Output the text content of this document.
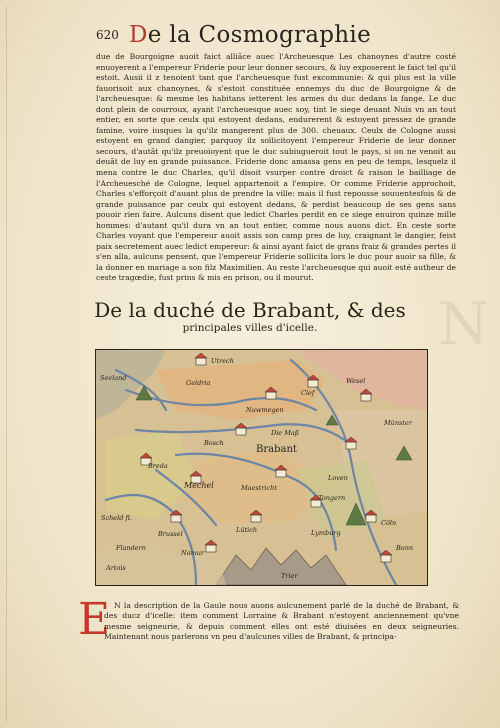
620 De la Cosmographie

due de Bourgoigne auoit faict alliãce auec l'Archeuesque Les chanoynes d'autre costé enuoyerent a l'empereur Friderie pour leur donner secours, & luy exposerent le faict tel qu'il estoit. Ausii il z tenoient tant que l'archeuesque fust excommunie: & qui plus est la ville fauorisoit aux chanoynes, & s'estoit constituée ennemys du duc de Bourgoigne & de l'archeuesque: & mesme les habitans ietterent les armes du duc dedans la fange. Le duc dont plein de courroux, ayant l'archeuesque auec soy, tint le siege deuant Nuis vn an tout entier, en sorte que ceulx qui estoyent dedans, endurerent & estoyent pressez de grande famine, voire iusques la qu'ilz mangerent plus de 300. cheuaux. Ceulx de Cologne aussi estoyent en grand dangier, parquoy ilz sollicitoyent l'empereur Friderie de leur donner secours, d'autãt qu'ilz preuoioyent que le duc subiugueroit tout le pays, si on ne venoit au deuãt de luy en grande puissance. Friderie donc amassa gens en peu de temps, lesquelz il mena contre le duc Charles, qu'il disoit vsurper contre droict & raison le bailliage de l'Archeuesché de Cologne, lequel appartenoit a l'empire. Or comme Friderie approchoit, Charles s'efforçoit d'auant plus de prendre la ville: mais il fust repousse souuentesfois & de grande puissance par ceulx qui estoyent dedans, & perdist beaucoup de ses gens sans pouoir rien faire. Aulcuns disent que ledict Charles perdit en ce siege enuiron quinze mille hommes: d'autant qu'il dura vn an tout entier, comme nous auons dict. En ceste sorte Charles voyant que l'empereur auoit assis son camp pres de luy, craignant le dangier, feist paix secretement auec ledict empereur: & ainsi ayant faict de grans fraiz & grandes pertes il s'en alla, aulcuns pensent, que l'empereur Friderie sollicita lors le duc pour auoir sa fille, & la donner en mariage a son filz Maximilien. Au reste l'archeuesque qui auoit esté autheur de ceste tragœdie, fust prins & mis en prison, ou il mourut.

N
De la duché de Brabant, & des
principales villes d'icelle.
Utrech
Seeland
Geldria
Nuwmegen
Clef
Wesel
Münster
Bosch
Die Maß
Brabant
Breda
Mechel	Maestricht
Loven
Tongern
Lütich
Scheld fl.
Brussel
Flandern
Namur
Cöln
Bonn
Lymburg
Artois
Trier
E N la description de la Gaule nous auons aulcunement parlé de la duché de Brabant, & des ducz d'icelle: item comment Lorraine & Brabant n'estoyent anciennement qu'vne mesme seigneurie, & depuis comment elles ont esté diuisées en deux seigneuries. Maintenant nous parlerons vn peu d'aulcunes villes de Brabant, & principa-
